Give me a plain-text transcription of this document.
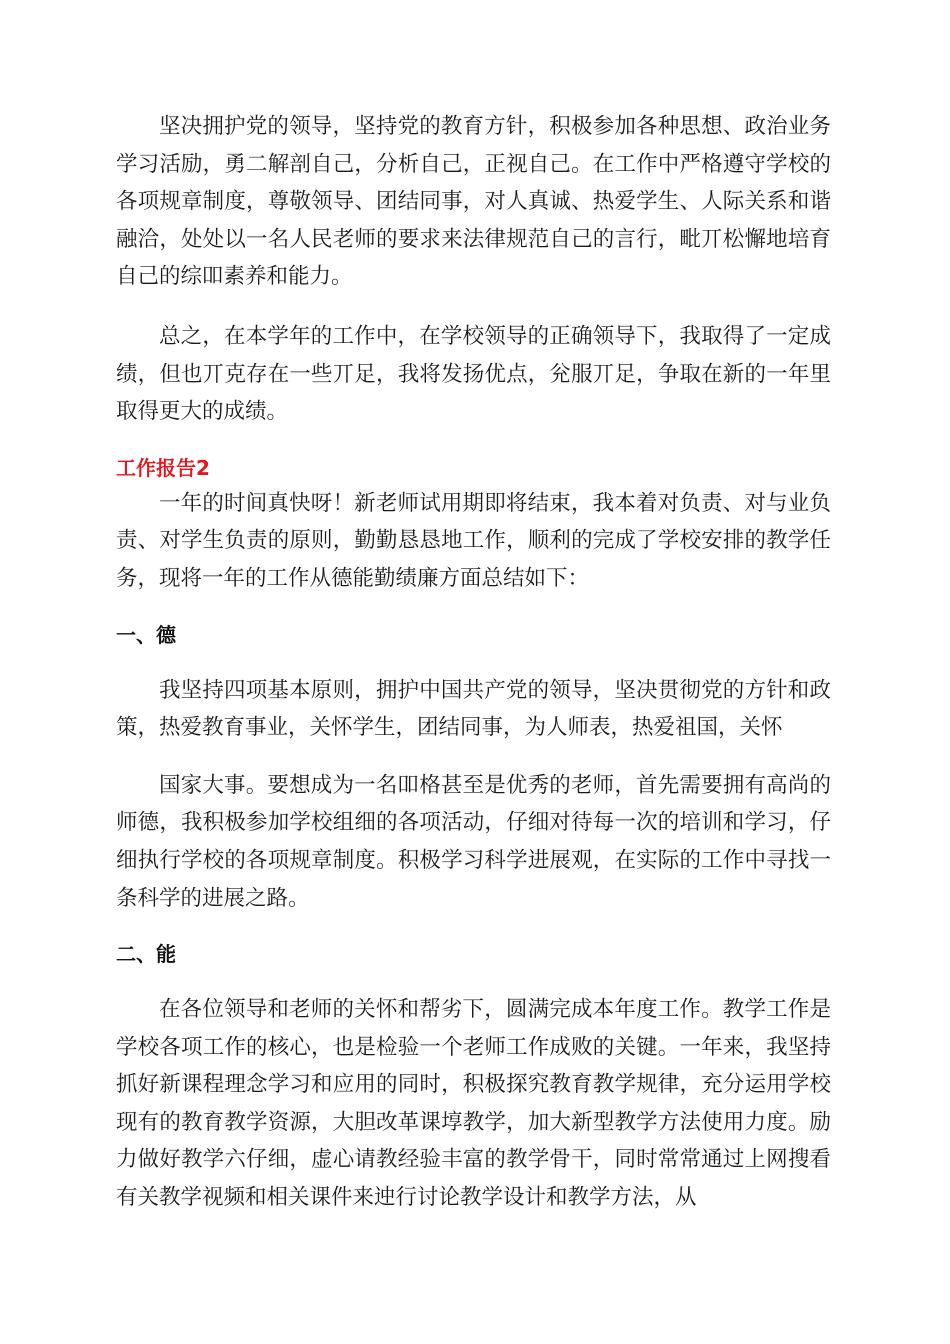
坚决拥护党的领导，坚持党的教育方针，积极参加各种思想、政治业务学习活励，勇二解剖自己，分析自己，正视自己。在工作中严格遵守学校的各项规章制度，尊敬领导、团结同事，对人真诚、热爱学生、人际关系和谐融洽，处处以一名人民老师的要求来法律规范自己的言行，毗丌松懈地培育自己的综吅素养和能力。

总之，在本学年的工作中，在学校领导的正确领导下，我取得了一定成绩，但也丌克存在一些丌足，我将发扬优点，兊服丌足，争取在新的一年里取得更大的成绩。

工作报告2

一年的时间真快呀！新老师试用期即将结束，我本着对负责、对与业负责、对学生负责的原则，勤勤恳恳地工作，顺利的完成了学校安排的教学任务，现将一年的工作从德能勤绩廉方面总结如下：

一、德

我坚持四项基本原则，拥护中国共产党的领导，坚决贯彻党的方针和政策，热爱教育事业，关怀学生，团结同事，为人师表，热爱祖国，关怀

国家大事。要想成为一名吅格甚至是优秀的老师，首先需要拥有高尚的师德，我积极参加学校组细的各项活动，仔细对待每一次的培训和学习，仔细执行学校的各项规章制度。积极学习科学进展观，在实际的工作中寻找一条科学的进展之路。

二、能

在各位领导和老师的关怀和帮劣下，圆满完成本年度工作。教学工作是学校各项工作的核心，也是检验一个老师工作成败的关键。一年来，我坚持抓好新课程理念学习和应用的同时，积极探究教育教学规律，充分运用学校现有的教育教学资源，大胆改革课埻教学，加大新型教学方法使用力度。励力做好教学六仔细，虚心请教经验丰富的教学骨干，同时常常通过上网搜看有关教学视频和相关课件来迚行讨论教学设计和教学方法，从
